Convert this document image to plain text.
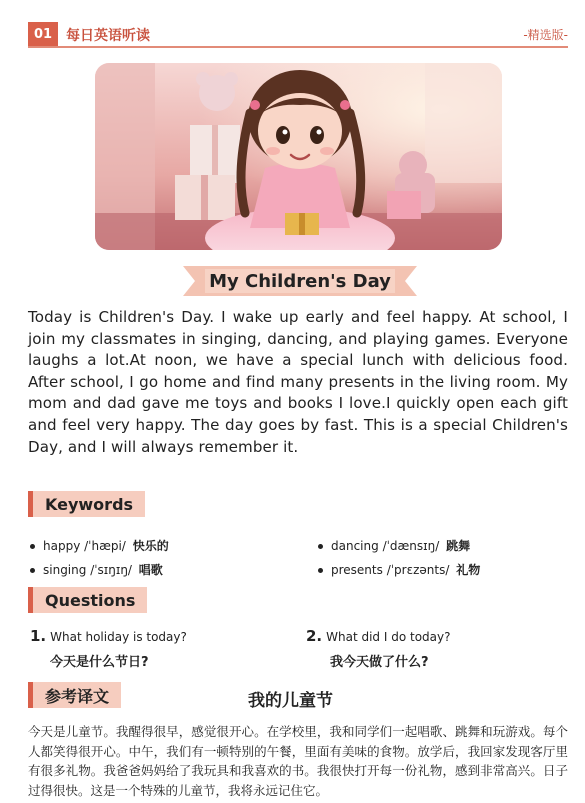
01 每日英语听读	-精选版-
My Children's Day
Today is Children's Day. I wake up early and feel happy. At school, I join my classmates in singing, dancing, and playing games. Everyone laughs a lot.At noon, we have a special lunch with delicious food. After school, I go home and find many presents in the living room. My mom and dad gave me toys and books I love.I quickly open each gift and feel very happy. The day goes by fast. This is a special Children's Day, and I will always remember it.
Keywords
happy /ˈhæpi/ 快乐的	dancing /ˈdænsɪŋ/ 跳舞
singing /ˈsɪŋɪŋ/ 唱歌	presents /ˈprɛzənts/ 礼物
Questions
1. What holiday is today?
今天是什么节日?
2. What did I do today?
我今天做了什么?
参考译文	我的儿童节
今天是儿童节。我醒得很早，感觉很开心。在学校里，我和同学们一起唱歌、跳舞和玩游戏。每个人都笑得很开心。中午，我们有一顿特别的午餐，里面有美味的食物。放学后，我回家发现客厅里有很多礼物。我爸爸妈妈给了我玩具和我喜欢的书。我很快打开每一份礼物，感到非常高兴。日子过得很快。这是一个特殊的儿童节，我将永远记住它。
